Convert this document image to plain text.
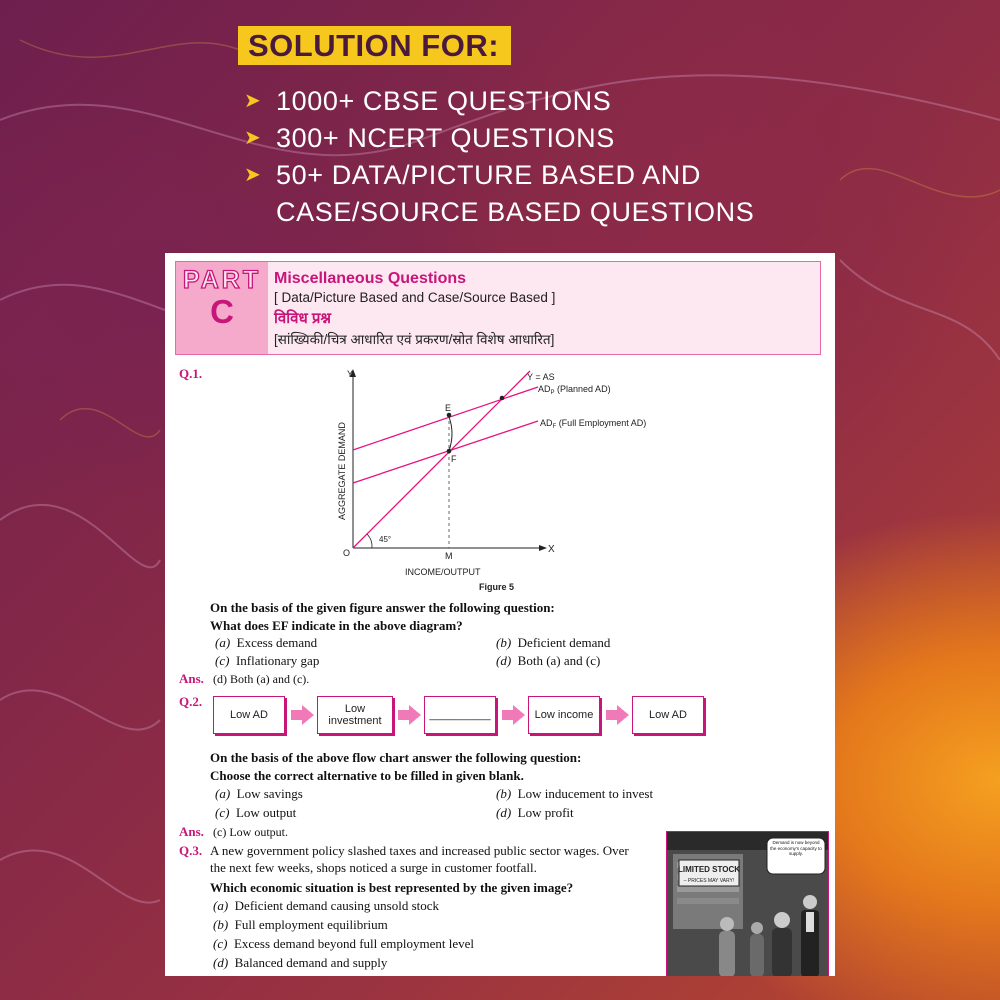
SOLUTION FOR:
➤ 1000+ CBSE QUESTIONS
➤ 300+ NCERT QUESTIONS
➤ 50+ DATA/PICTURE BASED AND
CASE/SOURCE BASED QUESTIONS
PART
C
Miscellaneous Questions
[ Data/Picture Based and Case/Source Based ]
विविध प्रश्न
[सांख्यिकी/चित्र आधारित एवं प्रकरण/स्रोत विशेष आधारित]
Q.1.	Y
X
O	M
INCOME/OUTPUT
AGGREGATE DEMAND
Y = AS
$AD_P$ (Planned AD)
$AD_F$ (Full Employment AD)
E
F
45°
Figure 5
On the basis of the given figure answer the following question:
What does EF indicate in the above diagram?
(a) Excess demand	(b) Deficient demand
(c) Inflationary gap	(d) Both (a) and (c)
Ans. (d) Both (a) and (c).
Q.2.
Low AD	Low investment	__________	Low income	Low AD
On the basis of the above flow chart answer the following question:
Choose the correct alternative to be filled in given blank.
(a) Low savings	(b) Low inducement to invest
(c) Low output	(d) Low profit
Ans. (c) Low output.
Q.3. A new government policy slashed taxes and increased public sector wages. Over
the next few weeks, shops noticed a surge in customer footfall.
Which economic situation is best represented by the given image?
(a) Deficient demand causing unsold stock
(b) Full employment equilibrium
(c) Excess demand beyond full employment level
(d) Balanced demand and supply
LIMITED STOCK
– PRICES MAY VARY!
Demand is now beyond the economy's capacity to supply.
